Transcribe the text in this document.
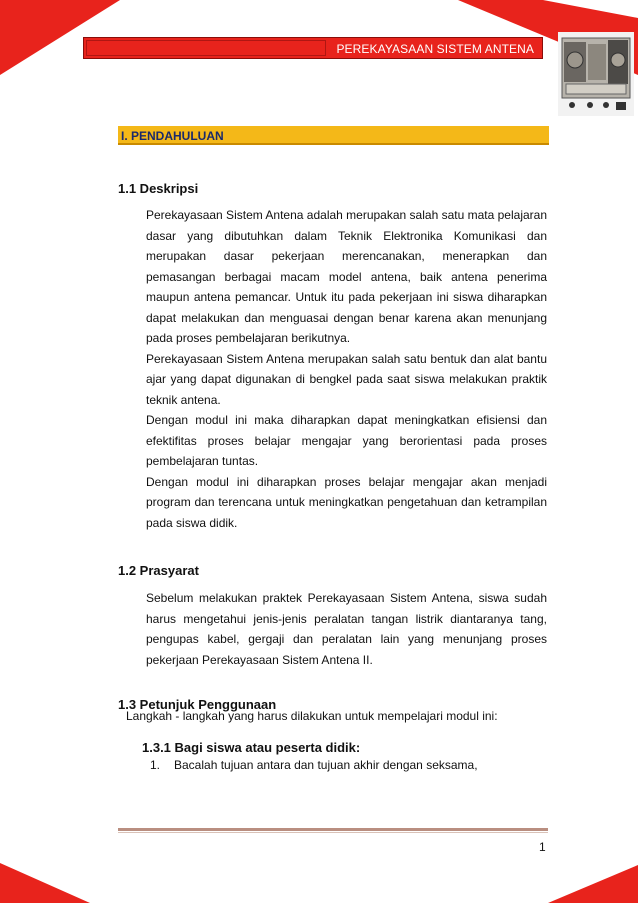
PEREKAYASAAN SISTEM ANTENA
I. PENDAHULUAN
1.1 Deskripsi

Perekayasaan Sistem Antena adalah merupakan salah satu mata pelajaran dasar yang dibutuhkan dalam Teknik Elektronika Komunikasi dan merupakan dasar pekerjaan merencanakan, menerapkan dan pemasangan berbagai macam model antena, baik antena penerima maupun antena pemancar. Untuk itu pada pekerjaan ini siswa diharapkan dapat melakukan dan menguasai dengan benar karena akan menunjang pada proses pembelajaran berikutnya.

Perekayasaan Sistem Antena merupakan salah satu bentuk dan alat bantu ajar yang dapat digunakan di bengkel pada saat siswa melakukan praktik teknik antena.

Dengan modul ini maka diharapkan dapat meningkatkan efisiensi dan efektifitas proses belajar mengajar yang berorientasi pada proses pembelajaran tuntas.

Dengan modul ini diharapkan proses belajar mengajar akan menjadi program dan terencana untuk meningkatkan pengetahuan dan ketrampilan pada siswa didik.

1.2 Prasyarat

Sebelum melakukan praktek Perekayasaan Sistem Antena, siswa sudah harus mengetahui jenis-jenis peralatan tangan listrik diantaranya tang, pengupas kabel, gergaji dan peralatan lain yang menunjang proses pekerjaan Perekayasaan Sistem Antena II.

1.3 Petunjuk Penggunaan
Langkah - langkah yang harus dilakukan untuk mempelajari modul ini:
1.3.1 Bagi siswa atau peserta didik:
1. Bacalah tujuan antara dan tujuan akhir dengan seksama,
1
